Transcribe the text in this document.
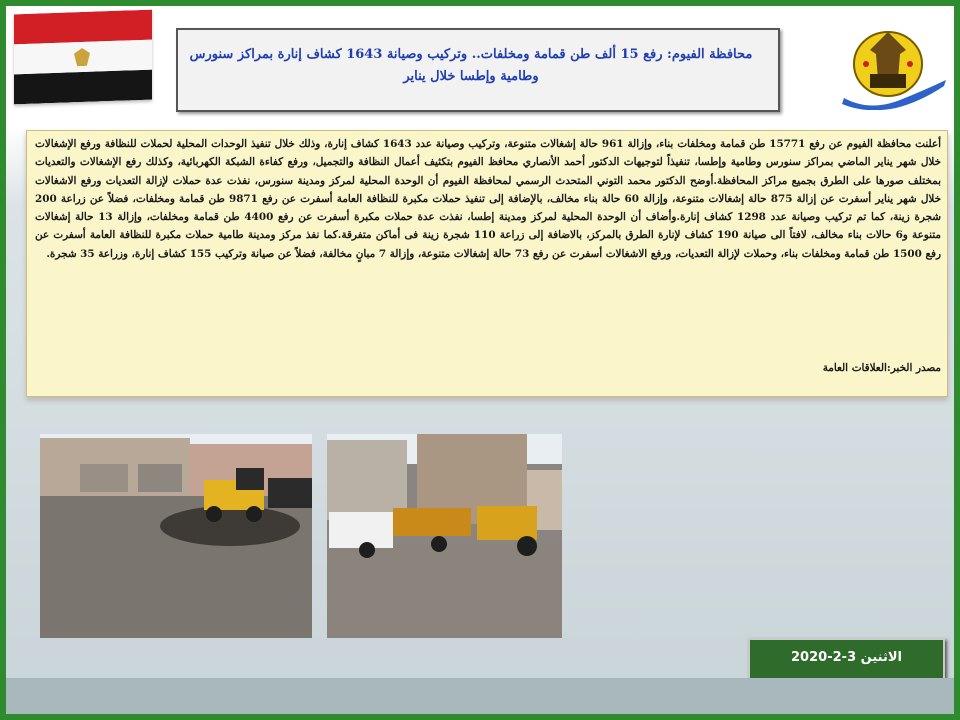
محافظة الفيوم: رفع 15 ألف طن قمامة ومخلفات.. وتركيب وصيانة 1643 كشاف إنارة بمراكز سنورس وطامية وإطسا خلال يناير
أعلنت محافظة الفيوم عن رفع 15771 طن قمامة ومخلفات بناء، وإزالة 961 حالة إشغالات متنوعة، وتركيب وصيانة عدد 1643 كشاف إنارة، وذلك خلال تنفيذ الوحدات المحلية لحملات للنظافة ورفع الإشغالات خلال شهر يناير الماضي بمراكز سنورس وطامية وإطسا، تنفيذاً لتوجيهات الدكتور أحمد الأنصاري محافظ الفيوم بتكثيف أعمال النظافة والتجميل، ورفع كفاءة الشبكة الكهربائية، وكذلك رفع الإشغالات والتعديات بمختلف صورها على الطرق بجميع مراكز المحافظة.أوضح الدكتور محمد التوني المتحدث الرسمي لمحافظة الفيوم أن الوحدة المحلية لمركز ومدينة سنورس، نفذت عدة حملات لإزالة التعديات ورفع الاشغالات خلال شهر يناير أسفرت عن إزالة 875 حالة إشغالات متنوعة، وإزالة 60 حالة بناء مخالف، بالإضافة إلى تنفيذ حملات مكبرة للنظافة العامة أسفرت عن رفع 9871 طن قمامة ومخلفات، فضلاً عن زراعة 200 شجرة زينة، كما تم تركيب وصيانة عدد 1298 كشاف إنارة.وأضاف أن الوحدة المحلية لمركز ومدينة إطسا، نفذت عدة حملات مكبرة أسفرت عن رفع 4400 طن قمامة ومخلفات، وإزالة 13 حالة إشغالات متنوعة و6 حالات بناء مخالف، لافتاً الى صيانة 190 كشاف لإنارة الطرق بالمركز، بالاضافة إلى زراعة 110 شجرة زينة فى أماكن متفرقة.كما نفذ مركز ومدينة طامية حملات مكبرة للنظافة العامة أسفرت عن رفع 1500 طن قمامة ومخلفات بناء، وحملات لإزالة التعديات، ورفع الاشغالات أسفرت عن رفع 73 حالة إشغالات متنوعة، وإزالة 7 مبانٍ مخالفة، فضلاً عن صيانة وتركيب 155 كشاف إنارة، وزراعة 35 شجرة.
مصدر الخبر:العلاقات العامة
الاثنين 3-2-2020
